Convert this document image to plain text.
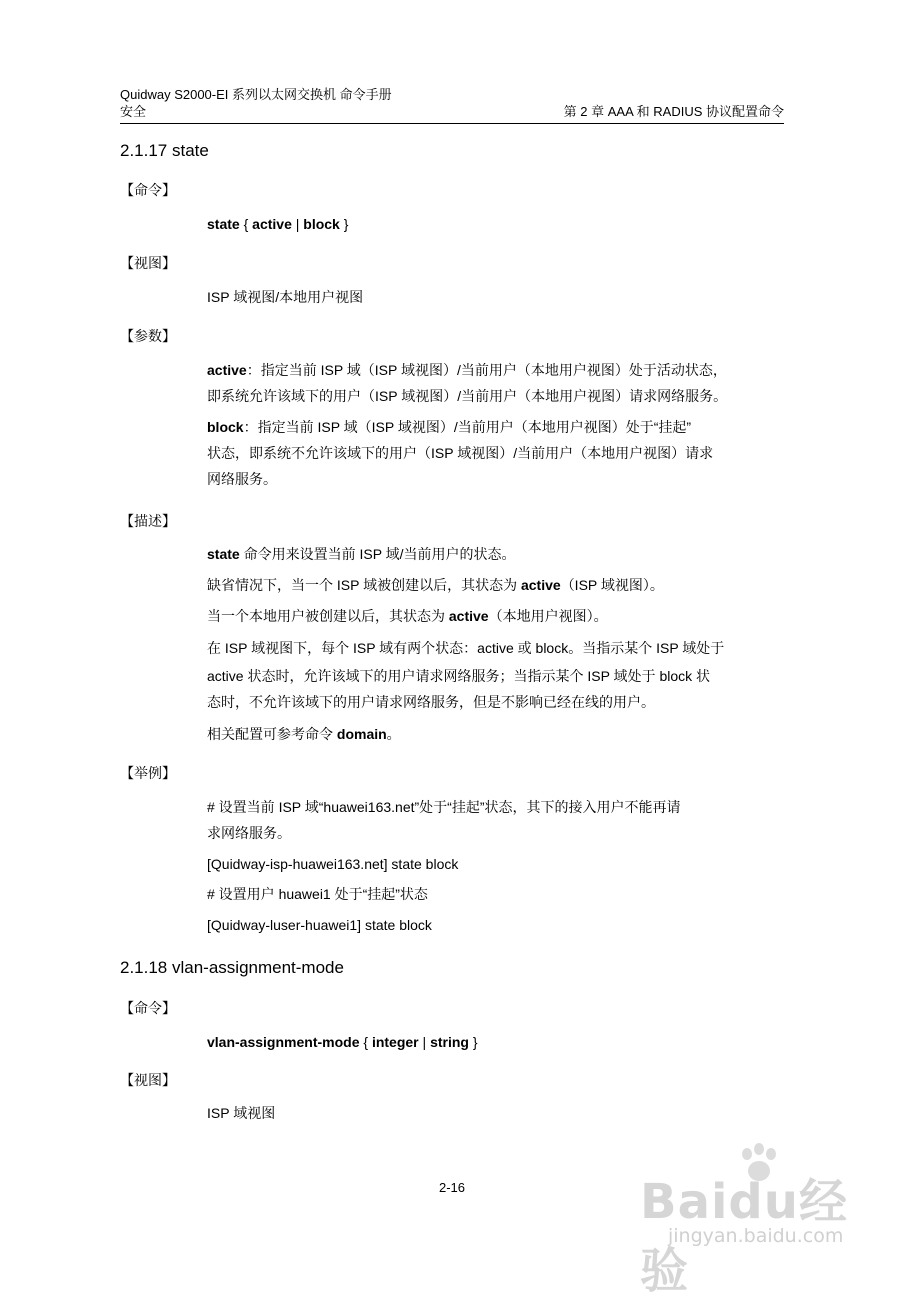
Quidway S2000-EI 系列以太网交换机 命令手册
安全	第 2 章 AAA 和 RADIUS 协议配置命令
2.1.17 state
【命令】
state { active | block }
【视图】
ISP 域视图/本地用户视图
【参数】
active：指定当前 ISP 域（ISP 域视图）/当前用户（本地用户视图）处于活动状态，
即系统允许该域下的用户（ISP 域视图）/当前用户（本地用户视图）请求网络服务。
block：指定当前 ISP 域（ISP 域视图）/当前用户（本地用户视图）处于“挂起”
状态，即系统不允许该域下的用户（ISP 域视图）/当前用户（本地用户视图）请求
网络服务。
【描述】
state 命令用来设置当前 ISP 域/当前用户的状态。
缺省情况下，当一个 ISP 域被创建以后，其状态为 active（ISP 域视图）。
当一个本地用户被创建以后，其状态为 active（本地用户视图）。
在 ISP 域视图下，每个 ISP 域有两个状态：active 或 block。当指示某个 ISP 域处于
active 状态时，允许该域下的用户请求网络服务；当指示某个 ISP 域处于 block 状
态时，不允许该域下的用户请求网络服务，但是不影响已经在线的用户。
相关配置可参考命令 domain。
【举例】
# 设置当前 ISP 域“huawei163.net”处于“挂起”状态，其下的接入用户不能再请
求网络服务。
[Quidway-isp-huawei163.net] state block
# 设置用户 huawei1 处于“挂起”状态
[Quidway-luser-huawei1] state block
2.1.18 vlan-assignment-mode
【命令】
vlan-assignment-mode { integer | string }
【视图】
ISP 域视图
2-16	Baidu经验
jingyan.baidu.com
